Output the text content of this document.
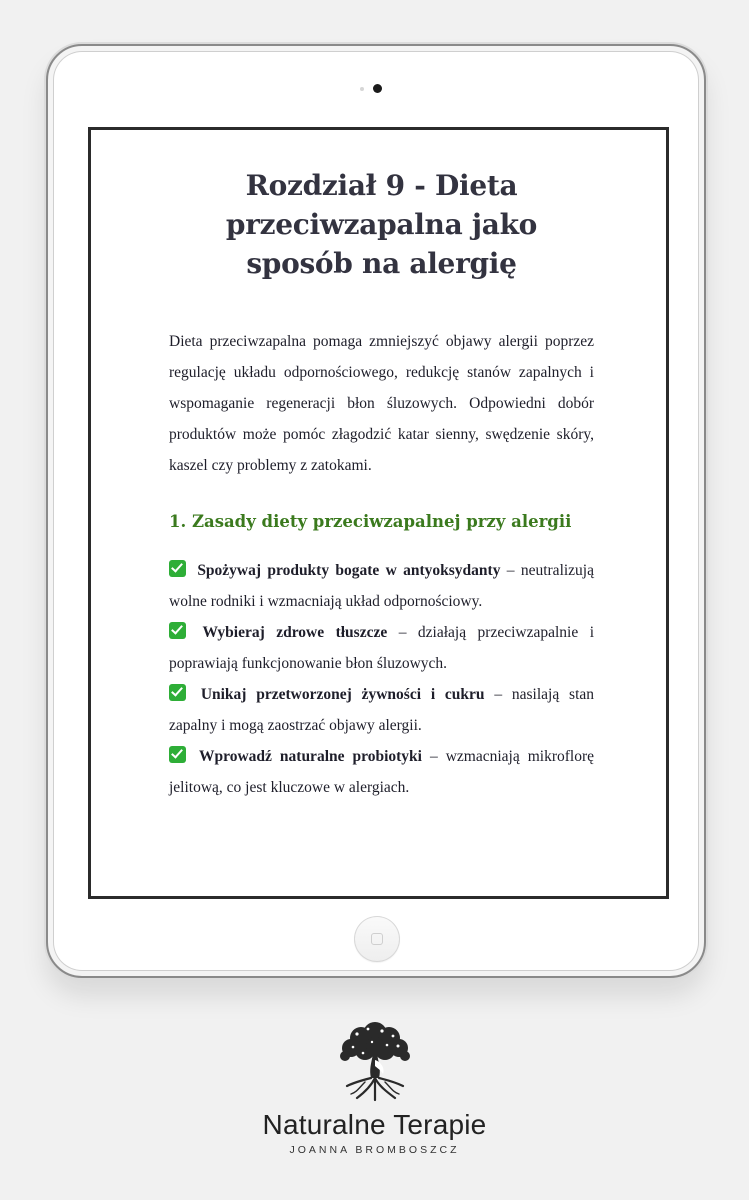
Rozdział 9 - Dieta
przeciwzapalna jako
sposób na alergię

Dieta przeciwzapalna pomaga zmniejszyć objawy alergii poprzez regulację układu odpornościowego, redukcję stanów zapalnych i wspomaganie regeneracji błon śluzowych. Odpowiedni dobór produktów może pomóc złagodzić katar sienny, swędzenie skóry, kaszel czy problemy z zatokami.

1. Zasady diety przeciwzapalnej przy alergii
Spożywaj produkty bogate w antyoksydanty – neutralizują wolne rodniki i wzmacniają układ odpornościowy.
Wybieraj zdrowe tłuszcze – działają przeciwzapalnie i poprawiają funkcjonowanie błon śluzowych.
Unikaj przetworzonej żywności i cukru – nasilają stan zapalny i mogą zaostrzać objawy alergii.
Wprowadź naturalne probiotyki – wzmacniają mikroflorę jelitową, co jest kluczowe w alergiach.
Naturalne Terapie
JOANNA BROMBOSZCZ
